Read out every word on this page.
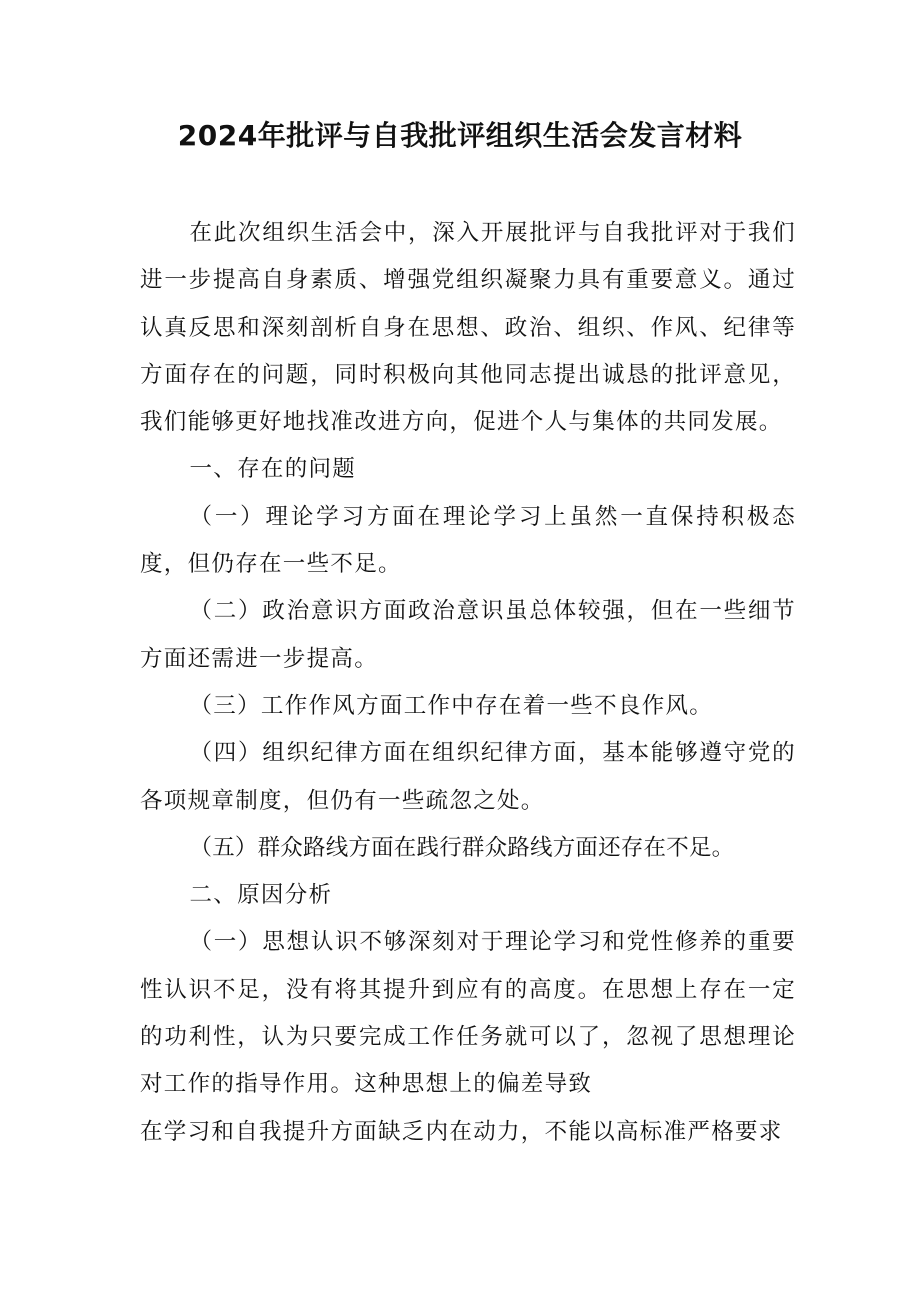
2024年批评与自我批评组织生活会发言材料

在此次组织生活会中，深入开展批评与自我批评对于我们进一步提高自身素质、增强党组织凝聚力具有重要意义。通过认真反思和深刻剖析自身在思想、政治、组织、作风、纪律等方面存在的问题，同时积极向其他同志提出诚恳的批评意见，我们能够更好地找准改进方向，促进个人与集体的共同发展。

一、存在的问题

（一）理论学习方面在理论学习上虽然一直保持积极态度，但仍存在一些不足。

（二）政治意识方面政治意识虽总体较强，但在一些细节方面还需进一步提高。

（三）工作作风方面工作中存在着一些不良作风。

（四）组织纪律方面在组织纪律方面，基本能够遵守党的各项规章制度，但仍有一些疏忽之处。

（五）群众路线方面在践行群众路线方面还存在不足。

二、原因分析

（一）思想认识不够深刻对于理论学习和党性修养的重要性认识不足，没有将其提升到应有的高度。在思想上存在一定的功利性，认为只要完成工作任务就可以了，忽视了思想理论对工作的指导作用。这种思想上的偏差导致

在学习和自我提升方面缺乏内在动力，不能以高标准严格要求
